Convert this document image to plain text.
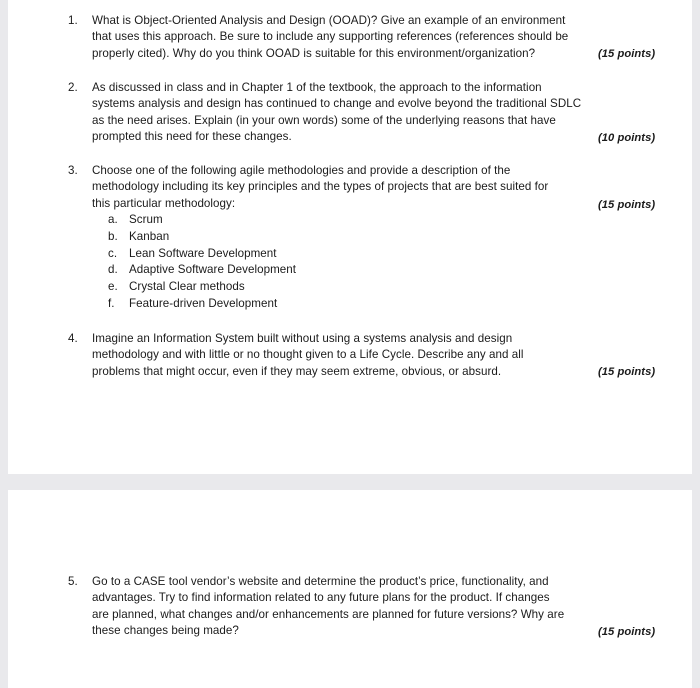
1.	What is Object-Oriented Analysis and Design (OOAD)? Give an example of an environment
that uses this approach. Be sure to include any supporting references (references should be
properly cited). Why do you think OOAD is suitable for this environment/organization?	(15 points)
2.	As discussed in class and in Chapter 1 of the textbook, the approach to the information
systems analysis and design has continued to change and evolve beyond the traditional SDLC
as the need arises. Explain (in your own words) some of the underlying reasons that have
prompted this need for these changes.	(10 points)
3.	Choose one of the following agile methodologies and provide a description of the
methodology including its key principles and the types of projects that are best suited for
this particular methodology:	(15 points)
a. Scrum
b. Kanban
c.	Lean Software Development
d. Adaptive Software Development
e. Crystal Clear methods
f.	Feature-driven Development
4.	Imagine an Information System built without using a systems analysis and design
methodology and with little or no thought given to a Life Cycle. Describe any and all
problems that might occur, even if they may seem extreme, obvious, or absurd.	(15 points)
5.	Go to a CASE tool vendor’s website and determine the product’s price, functionality, and
advantages. Try to find information related to any future plans for the product. If changes
are planned, what changes and/or enhancements are planned for future versions? Why are
these changes being made?	(15 points)
